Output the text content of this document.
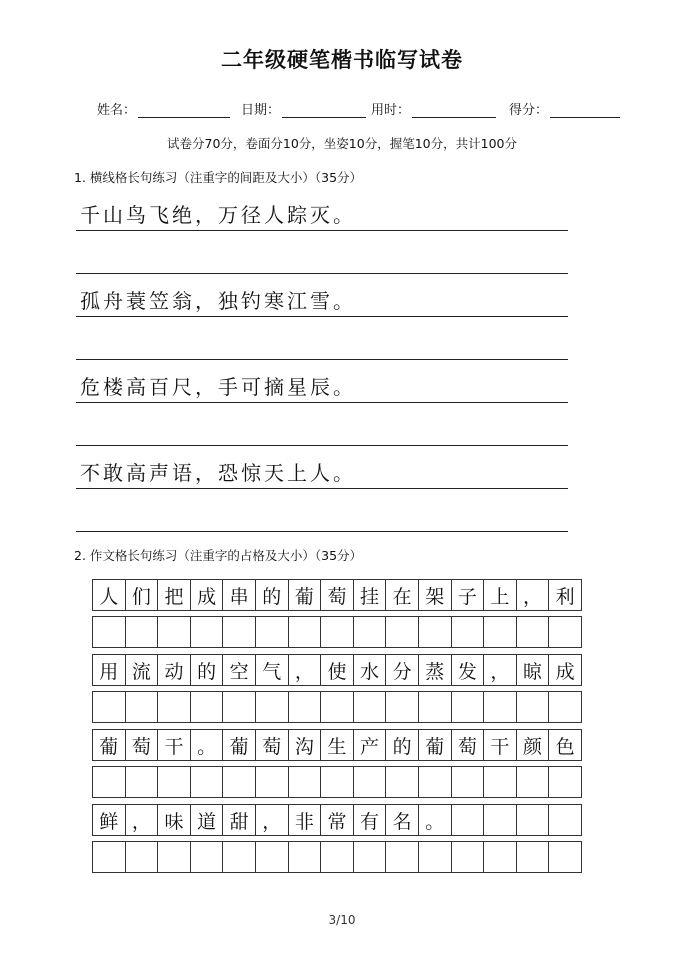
二年级硬笔楷书临写试卷
姓名：	日期：	用时：	得分：
试卷分70分，卷面分10分，坐姿10分，握笔10分，共计100分
1. 横线格长句练习（注重字的间距及大小）（35分）
千山鸟飞绝，万径人踪灭。
孤舟蓑笠翁，独钓寒江雪。
危楼高百尺，手可摘星辰。
不敢高声语，恐惊天上人。
2. 作文格长句练习（注重字的占格及大小）（35分）
人 们 把 成 串 的 葡 萄 挂 在 架 子 上 ， 利
用 流 动 的 空 气 ， 使 水 分 蒸 发 ， 晾 成
葡 萄 干 。 葡 萄 沟 生 产 的 葡 萄 干 颜 色
鲜 ， 味 道 甜 ， 非 常 有 名 。
3/10
